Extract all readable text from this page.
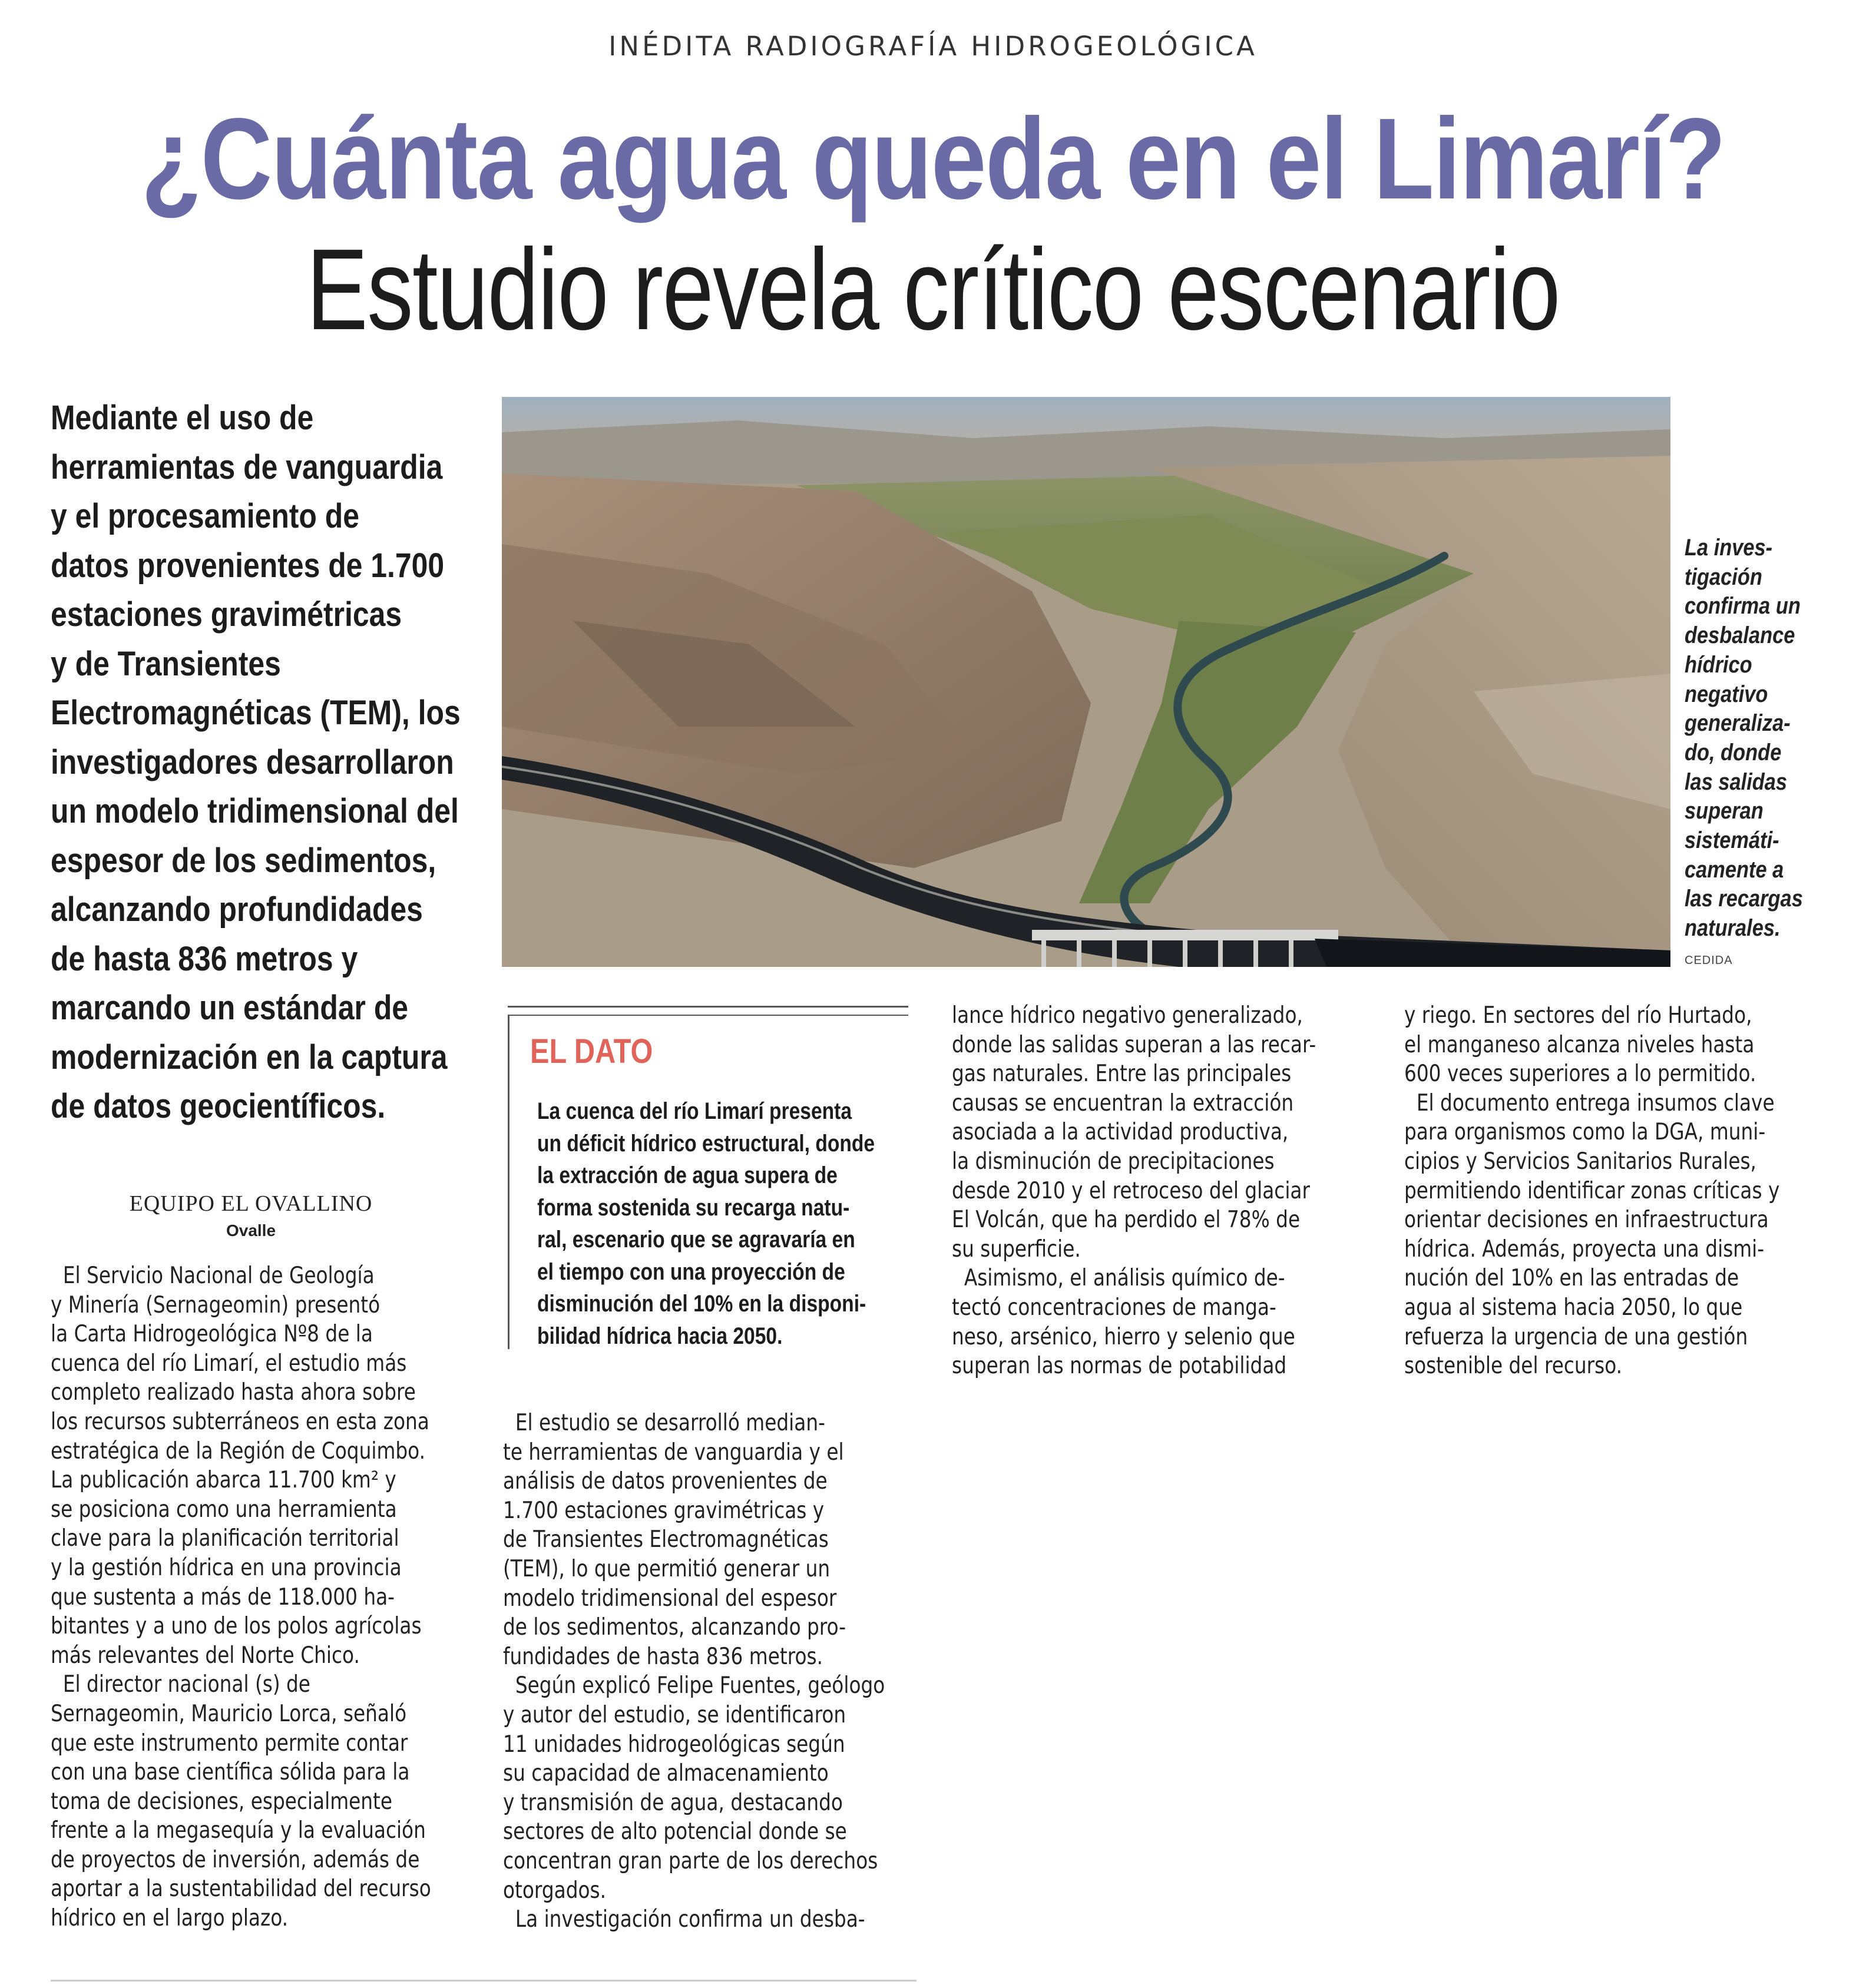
INÉDITA RADIOGRAFÍA HIDROGEOLÓGICA
¿Cuánta agua queda en el Limarí?
Estudio revela crítico escenario
Mediante el uso de
herramientas de vanguardia
y el procesamiento de
datos provenientes de 1.700
estaciones gravimétricas
y de Transientes
Electromagnéticas (TEM), los
investigadores desarrollaron
un modelo tridimensional del
espesor de los sedimentos,
alcanzando profundidades
de hasta 836 metros y
marcando un estándar de
modernización en la captura
de datos geocientíficos.
La inves-
tigación
confirma un
desbalance
hídrico
negativo
generaliza-
do, donde
las salidas
superan
sistemáti-
camente a
las recargas
naturales.
CEDIDA
EQUIPO EL OVALLINO
Ovalle

El Servicio Nacional de Geología

y Minería (Sernageomin) presentó

la Carta Hidrogeológica Nº8 de la

cuenca del río Limarí, el estudio más

completo realizado hasta ahora sobre

los recursos subterráneos en esta zona

estratégica de la Región de Coquimbo.

La publicación abarca 11.700 km² y

se posiciona como una herramienta

clave para la planificación territorial

y la gestión hídrica en una provincia

que sustenta a más de 118.000 ha-

bitantes y a uno de los polos agrícolas

más relevantes del Norte Chico.

El director nacional (s) de

Sernageomin, Mauricio Lorca, señaló

que este instrumento permite contar

con una base científica sólida para la

toma de decisiones, especialmente

frente a la megasequía y la evaluación

de proyectos de inversión, además de

aportar a la sustentabilidad del recurso

hídrico en el largo plazo.

EL DATO

La cuenca del río Limarí presenta

un déficit hídrico estructural, donde

la extracción de agua supera de

forma sostenida su recarga natu-

ral, escenario que se agravaría en

el tiempo con una proyección de

disminución del 10% en la disponi-

bilidad hídrica hacia 2050.

El estudio se desarrolló median-

te herramientas de vanguardia y el

análisis de datos provenientes de

1.700 estaciones gravimétricas y

de Transientes Electromagnéticas

(TEM), lo que permitió generar un

modelo tridimensional del espesor

de los sedimentos, alcanzando pro-

fundidades de hasta 836 metros.

Según explicó Felipe Fuentes, geólogo

y autor del estudio, se identificaron

11 unidades hidrogeológicas según

su capacidad de almacenamiento

y transmisión de agua, destacando

sectores de alto potencial donde se

concentran gran parte de los derechos

otorgados.

La investigación confirma un desba-

lance hídrico negativo generalizado,

donde las salidas superan a las recar-

gas naturales. Entre las principales

causas se encuentran la extracción

asociada a la actividad productiva,

la disminución de precipitaciones

desde 2010 y el retroceso del glaciar

El Volcán, que ha perdido el 78% de

su superficie.

Asimismo, el análisis químico de-

tectó concentraciones de manga-

neso, arsénico, hierro y selenio que

superan las normas de potabilidad

y riego. En sectores del río Hurtado,

el manganeso alcanza niveles hasta

600 veces superiores a lo permitido.

El documento entrega insumos clave

para organismos como la DGA, muni-

cipios y Servicios Sanitarios Rurales,

permitiendo identificar zonas críticas y

orientar decisiones en infraestructura

hídrica. Además, proyecta una dismi-

nución del 10% en las entradas de

agua al sistema hacia 2050, lo que

refuerza la urgencia de una gestión

sostenible del recurso.
